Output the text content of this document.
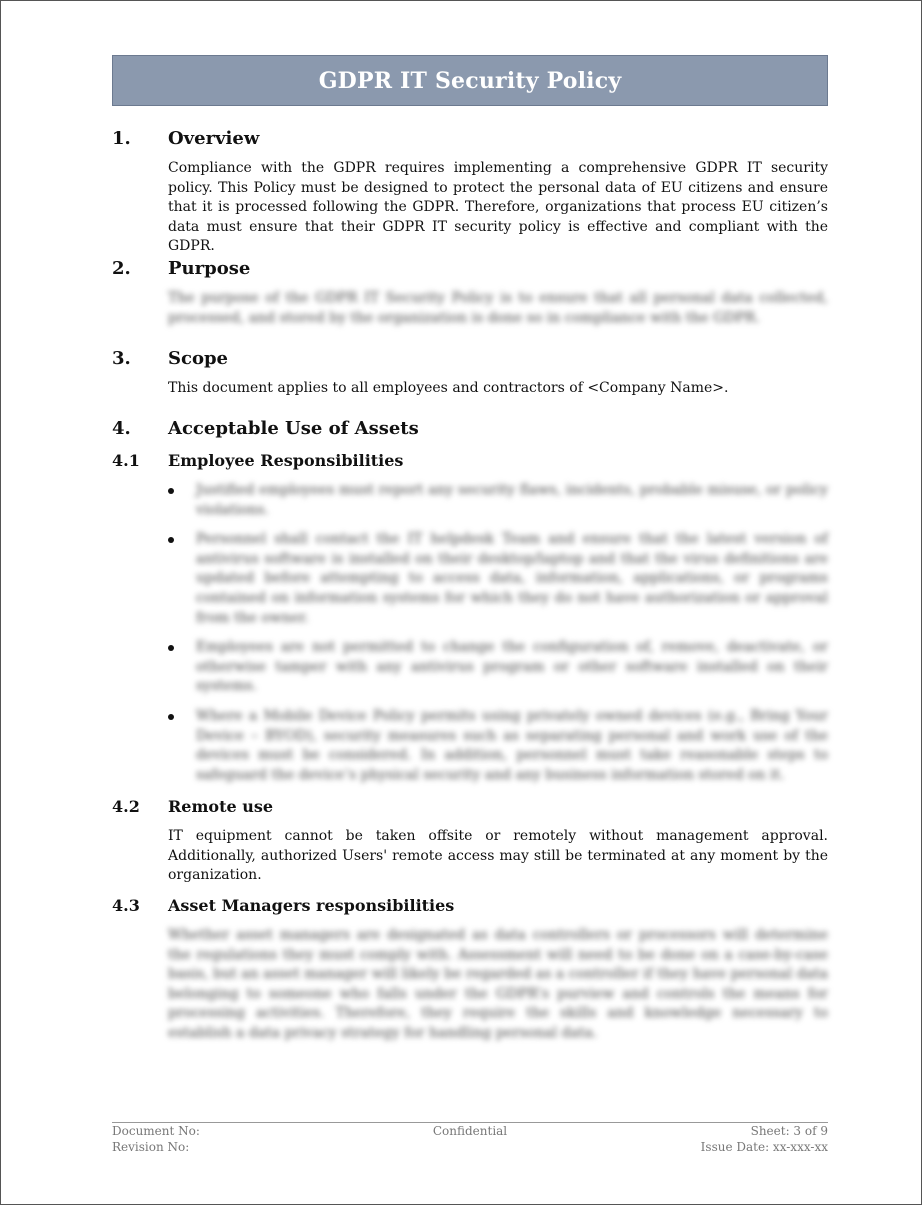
GDPR IT Security Policy
1. Overview

Compliance with the GDPR requires implementing a comprehensive GDPR IT security policy. This Policy must be designed to protect the personal data of EU citizens and ensure that it is processed following the GDPR. Therefore, organizations that process EU citizen’s data must ensure that their GDPR IT security policy is effective and compliant with the GDPR.

2. Purpose

The purpose of the GDPR IT Security Policy is to ensure that all personal data collected, processed, and stored by the organization is done so in compliance with the GDPR.

3. Scope

This document applies to all employees and contractors of <Company Name>.

4. Acceptable Use of Assets
4.1 Employee Responsibilities
Justified employees must report any security flaws, incidents, probable misuse, or policy violations.
Personnel shall contact the IT helpdesk Team and ensure that the latest version of antivirus software is installed on their desktop/laptop and that the virus definitions are updated before attempting to access data, information, applications, or programs contained on information systems for which they do not have authorization or approval from the owner.
Employees are not permitted to change the configuration of, remove, deactivate, or otherwise tamper with any antivirus program or other software installed on their systems.
Where a Mobile Device Policy permits using privately owned devices (e.g., Bring Your Device – BYOD), security measures such as separating personal and work use of the devices must be considered. In addition, personnel must take reasonable steps to safeguard the device’s physical security and any business information stored on it.
4.2 Remote use

IT equipment cannot be taken offsite or remotely without management approval. Additionally, authorized Users' remote access may still be terminated at any moment by the organization.

4.3 Asset Managers responsibilities

Whether asset managers are designated as data controllers or processors will determine the regulations they must comply with. Assessment will need to be done on a case-by-case basis, but an asset manager will likely be regarded as a controller if they have personal data belonging to someone who falls under the GDPR’s purview and controls the means for processing activities. Therefore, they require the skills and knowledge necessary to establish a data privacy strategy for handling personal data.

Document No:	Confidential	Sheet: 3 of 9
Revision No:	Issue Date: xx-xxx-xx
